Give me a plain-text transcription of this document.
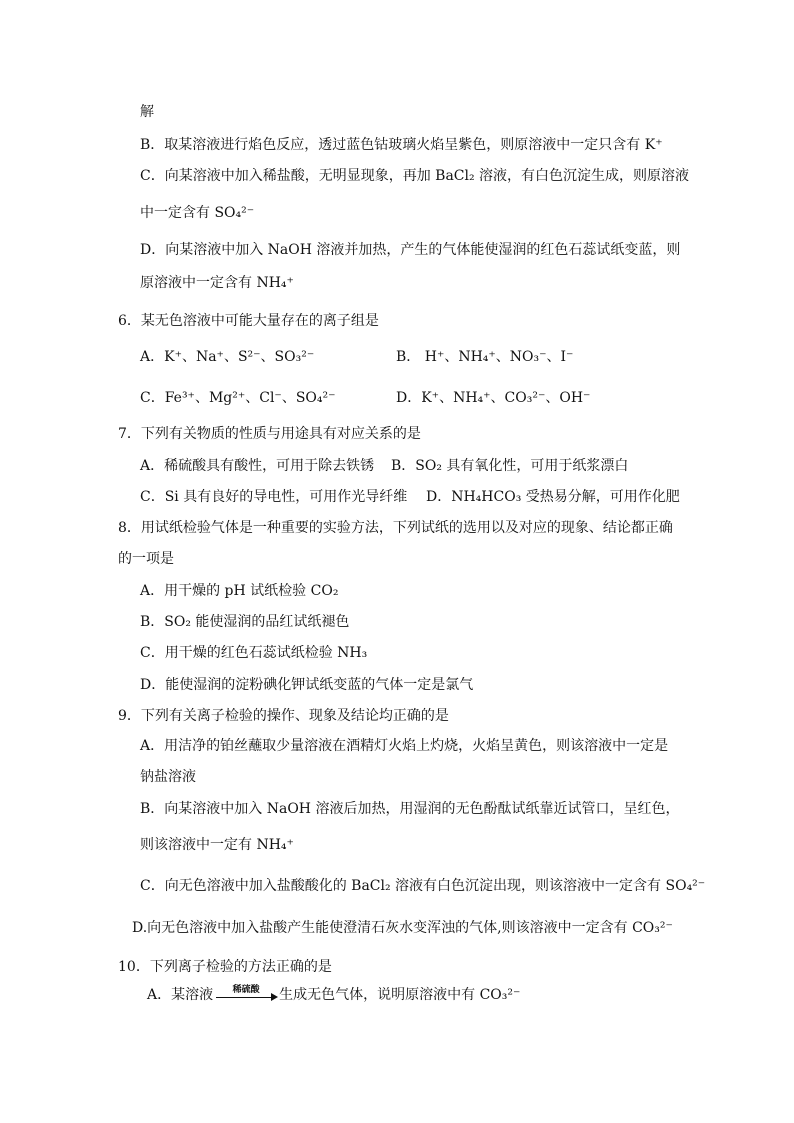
解
B．取某溶液进行焰色反应，透过蓝色钴玻璃火焰呈紫色，则原溶液中一定只含有 K⁺
C．向某溶液中加入稀盐酸，无明显现象，再加 BaCl₂ 溶液，有白色沉淀生成，则原溶液
中一定含有 SO₄²⁻
D．向某溶液中加入 NaOH 溶液并加热，产生的气体能使湿润的红色石蕊试纸变蓝，则
原溶液中一定含有 NH₄⁺
6．某无色溶液中可能大量存在的离子组是
A．K⁺、Na⁺、S²⁻、SO₃²⁻	B． H⁺、NH₄⁺、NO₃⁻、I⁻
C．Fe³⁺、Mg²⁺、Cl⁻、SO₄²⁻	D．K⁺、NH₄⁺、CO₃²⁻、OH⁻
7．下列有关物质的性质与用途具有对应关系的是
A．稀硫酸具有酸性，可用于除去铁锈 B．SO₂ 具有氧化性，可用于纸浆漂白
C．Si 具有良好的导电性，可用作光导纤维 D．NH₄HCO₃ 受热易分解，可用作化肥
8．用试纸检验气体是一种重要的实验方法，下列试纸的选用以及对应的现象、结论都正确
的一项是
A．用干燥的 pH 试纸检验 CO₂
B．SO₂ 能使湿润的品红试纸褪色
C．用干燥的红色石蕊试纸检验 NH₃
D．能使湿润的淀粉碘化钾试纸变蓝的气体一定是氯气
9．下列有关离子检验的操作、现象及结论均正确的是
A．用洁净的铂丝蘸取少量溶液在酒精灯火焰上灼烧，火焰呈黄色，则该溶液中一定是
钠盐溶液
B．向某溶液中加入 NaOH 溶液后加热，用湿润的无色酚酞试纸靠近试管口，呈红色，
则该溶液中一定有 NH₄⁺
C．向无色溶液中加入盐酸酸化的 BaCl₂ 溶液有白色沉淀出现，则该溶液中一定含有 SO₄²⁻
D.向无色溶液中加入盐酸产生能使澄清石灰水变浑浊的气体,则该溶液中一定含有 CO₃²⁻
10．下列离子检验的方法正确的是
A．某溶液	稀硫酸	生成无色气体，说明原溶液中有 CO₃²⁻
